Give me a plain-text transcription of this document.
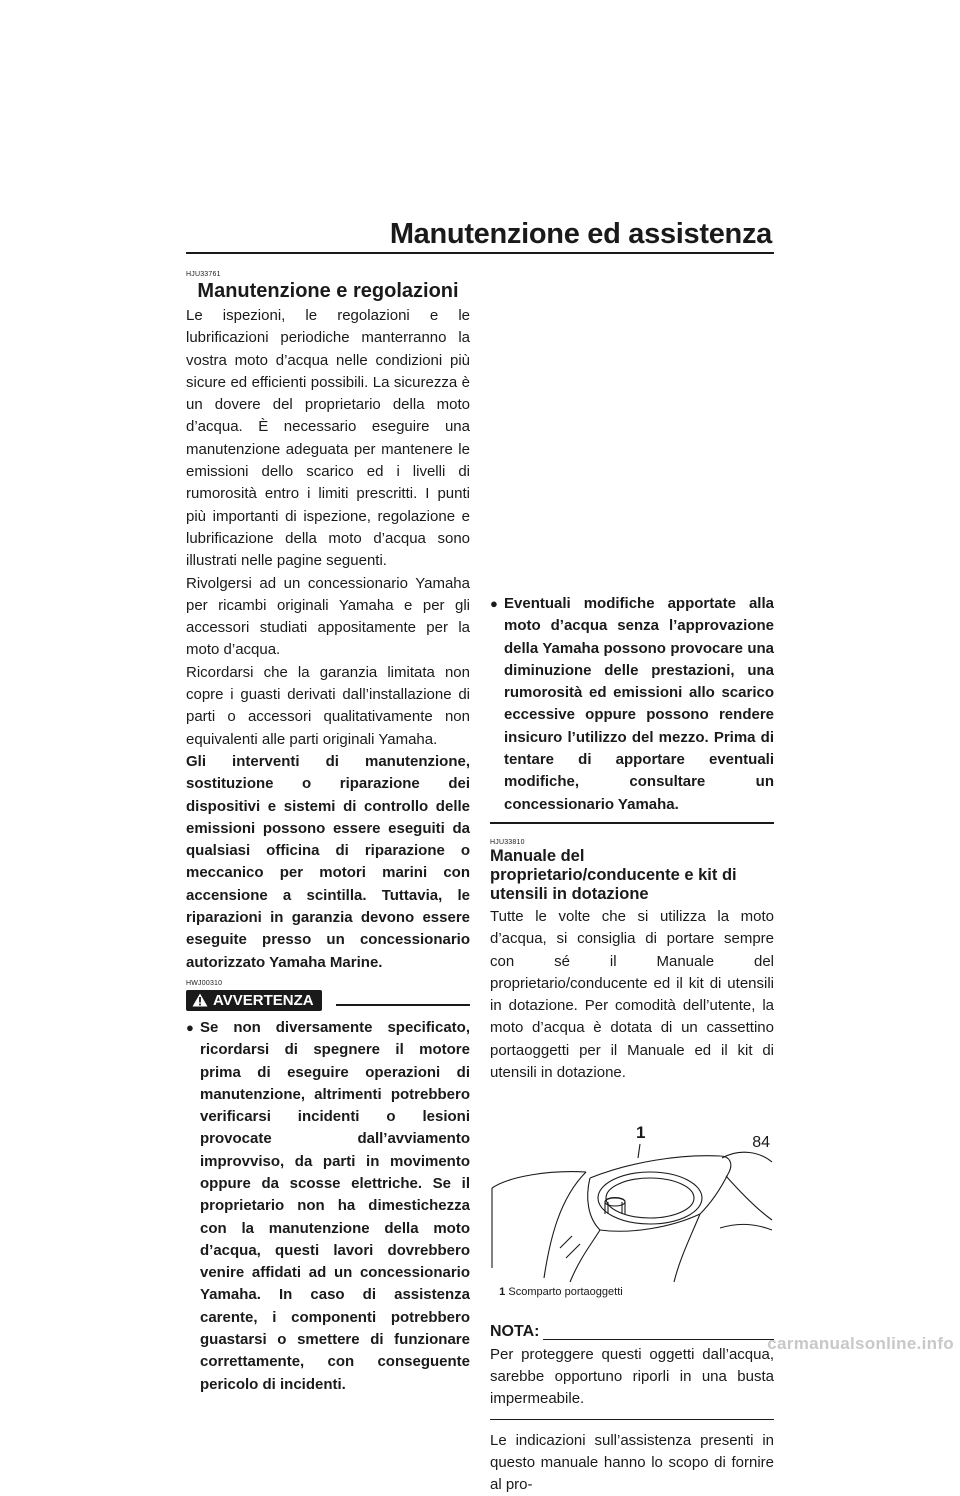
Manutenzione ed assistenza
HJU33761
Manutenzione e regolazioni

Le ispezioni, le regolazioni e le lubrificazioni periodiche manterranno la vostra moto d’acqua nelle condizioni più sicure ed efficienti possibili. La sicurezza è un dovere del proprietario della moto d’acqua. È necessario eseguire una manutenzione adeguata per mantenere le emissioni dello scarico ed i livelli di rumorosità entro i limiti prescritti. I punti più importanti di ispezione, regolazione e lubrificazione della moto d’acqua sono illustrati nelle pagine seguenti.

Rivolgersi ad un concessionario Yamaha per ricambi originali Yamaha e per gli accessori studiati appositamente per la moto d’acqua.

Ricordarsi che la garanzia limitata non copre i guasti derivati dall’installazione di parti o accessori qualitativamente non equivalenti alle parti originali Yamaha.

Gli interventi di manutenzione, sostituzione o riparazione dei dispositivi e sistemi di controllo delle emissioni possono essere eseguiti da qualsiasi officina di riparazione o meccanico per motori marini con accensione a scintilla. Tuttavia, le riparazioni in garanzia devono essere eseguite presso un concessionario autorizzato Yamaha Marine.

HWJ00310
AVVERTENZA
● Se non diversamente specificato, ricordarsi di spegnere il motore prima di eseguire operazioni di manutenzione, altrimenti potrebbero verificarsi incidenti o lesioni provocate dall’avviamento improvviso, da parti in movimento oppure da scosse elettriche. Se il proprietario non ha dimestichezza con la manutenzione della moto d’acqua, questi lavori dovrebbero venire affidati ad un concessionario Yamaha. In caso di assistenza carente, i componenti potrebbero guastarsi o smettere di funzionare correttamente, con conseguente pericolo di incidenti.
● Eventuali modifiche apportate alla moto d’acqua senza l’approvazione della Yamaha possono provocare una diminuzione delle prestazioni, una rumorosità ed emissioni allo scarico eccessive oppure possono rendere insicuro l’utilizzo del mezzo. Prima di tentare di apportare eventuali modifiche, consultare un concessionario Yamaha.
HJU33810
Manuale del proprietario/conducente e kit di utensili in dotazione

Tutte le volte che si utilizza la moto d’acqua, si consiglia di portare sempre con sé il Manuale del proprietario/conducente ed il kit di utensili in dotazione. Per comodità dell’utente, la moto d’acqua è dotata di un cassettino portaoggetti per il Manuale ed il kit di utensili in dotazione.

1
1 Scomparto portaoggetti
NOTA:

Per proteggere questi oggetti dall’acqua, sarebbe opportuno riporli in una busta impermeabile.

Le indicazioni sull’assistenza presenti in questo manuale hanno lo scopo di fornire al pro-

84
carmanualsonline.info
